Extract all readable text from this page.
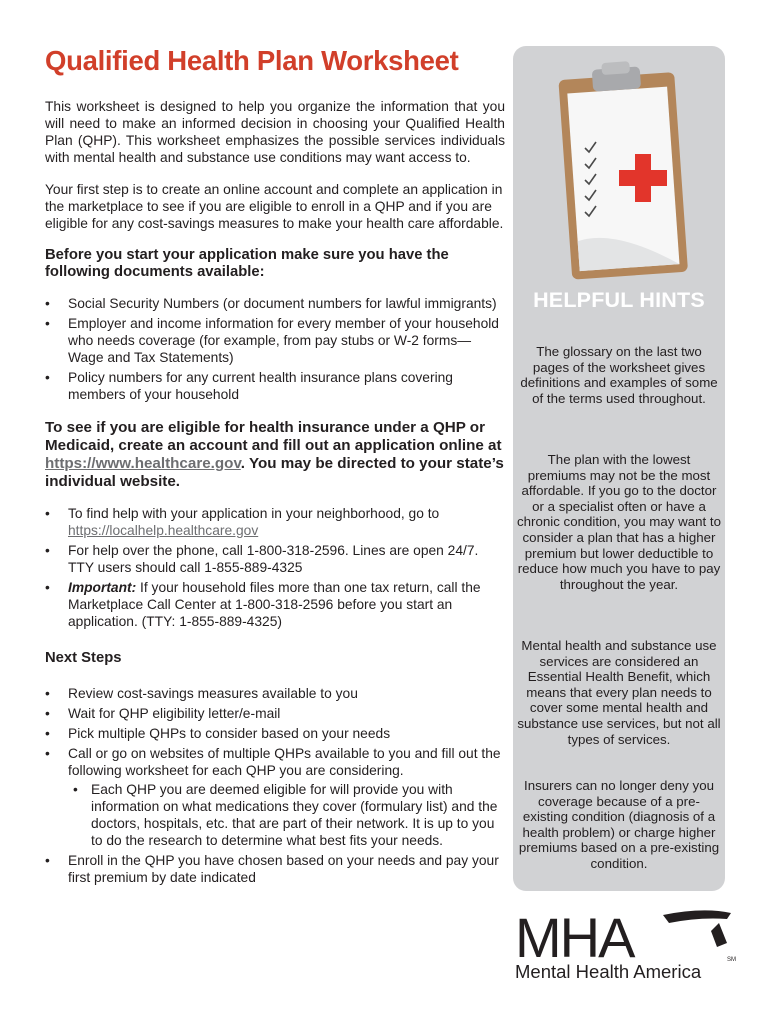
Qualified Health Plan Worksheet

This worksheet is designed to help you organize the information that you will need to make an informed decision in choosing your Qualified Health Plan (QHP). This worksheet emphasizes the possible services individuals with mental health and substance use conditions may want access to.

Your first step is to create an online account and complete an application in the marketplace to see if you are eligible to enroll in a QHP and if you are eligible for any cost-savings measures to make your health care affordable.

Before you start your application make sure you have the following documents available:
• Social Security Numbers (or document numbers for lawful immigrants)
• Employer and income information for every member of your household who needs coverage (for example, from pay stubs or W-2 forms—Wage and Tax Statements)
• Policy numbers for any current health insurance plans covering members of your household
To see if you are eligible for health insurance under a QHP or Medicaid, create an account and fill out an application online at https://www.healthcare.gov. You may be directed to your state’s individual website.
• To find help with your application in your neighborhood, go to
https://localhelp.healthcare.gov
• For help over the phone, call 1-800-318-2596. Lines are open 24/7. TTY users should call 1-855-889-4325
• Important: If your household files more than one tax return, call the Marketplace Call Center at 1-800-318-2596 before you start an application. (TTY: 1-855-889-4325)
Next Steps
• Review cost-savings measures available to you
• Wait for QHP eligibility letter/e-mail
• Pick multiple QHPs to consider based on your needs
• Call or go on websites of multiple QHPs available to you and fill out the following worksheet for each QHP you are considering.
• Each QHP you are deemed eligible for will provide you with information on what medications they cover (formulary list) and the doctors, hospitals, etc. that are part of their network. It is up to you to do the research to determine what best fits your needs.
• Enroll in the QHP you have chosen based on your needs and pay your first premium by date indicated
HELPFUL HINTS
The glossary on the last two pages of the worksheet gives definitions and examples of some of the terms used throughout.
The plan with the lowest premiums may not be the most affordable. If you go to the doctor or a specialist often or have a chronic condition, you may want to consider a plan that has a higher premium but lower deductible to reduce how much you have to pay throughout the year.
Mental health and substance use services are considered an Essential Health Benefit, which means that every plan needs to cover some mental health and substance use services, but not all types of services.
Insurers can no longer deny you coverage because of a pre-existing condition (diagnosis of a health problem) or charge higher premiums based on a pre-existing condition.
MHA	SM
Mental Health America
